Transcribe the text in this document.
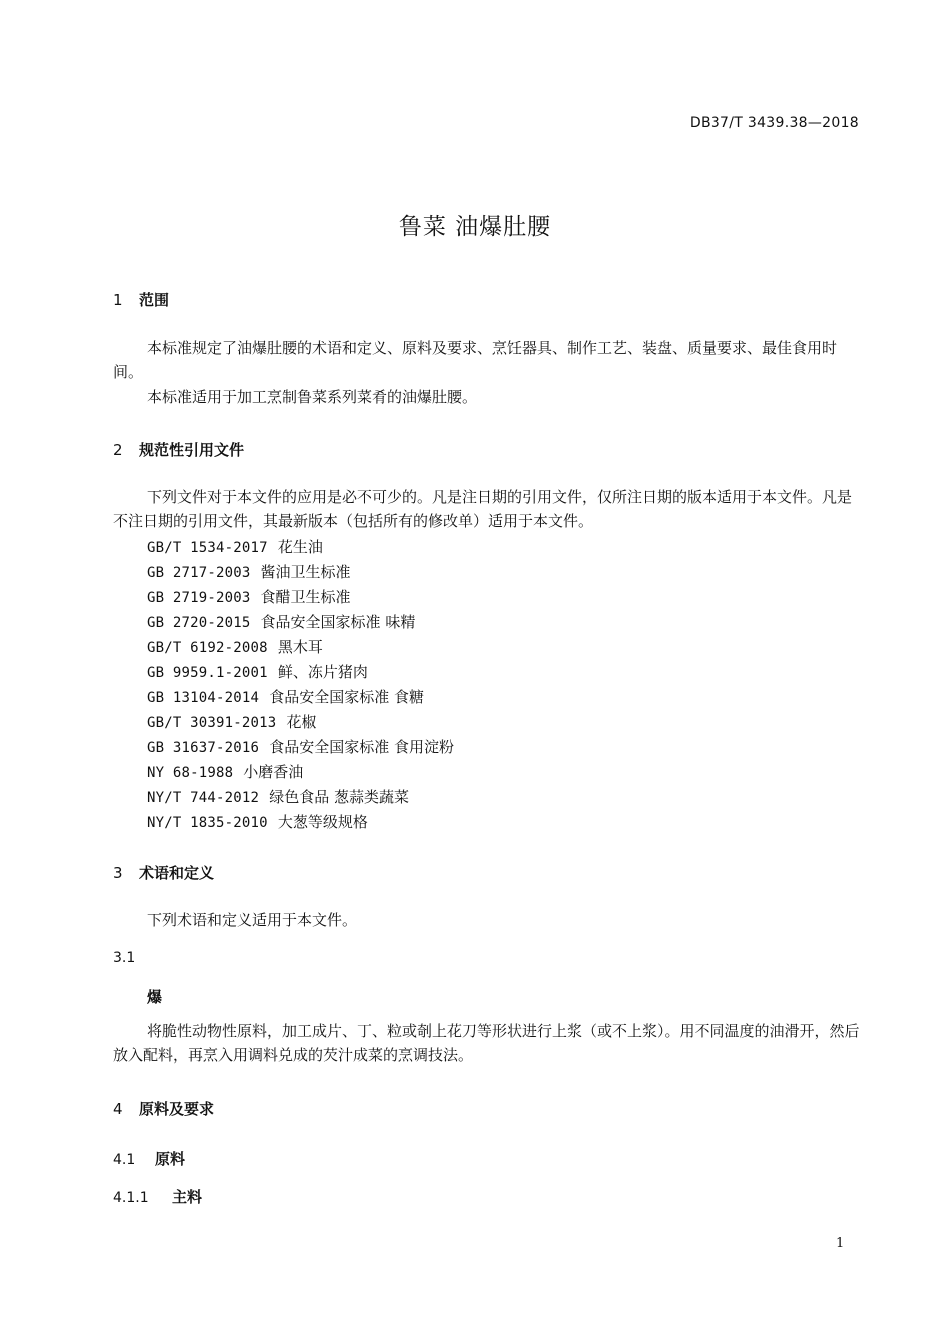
DB37/T 3439.38—2018
鲁菜 油爆肚腰
1 范围
本标准规定了油爆肚腰的术语和定义、原料及要求、烹饪器具、制作工艺、装盘、质量要求、最佳食用时间。
本标准适用于加工烹制鲁菜系列菜肴的油爆肚腰。
2 规范性引用文件
下列文件对于本文件的应用是必不可少的。凡是注日期的引用文件，仅所注日期的版本适用于本文件。凡是不注日期的引用文件，其最新版本（包括所有的修改单）适用于本文件。
GB/T 1534-2017 花生油
GB 2717-2003 酱油卫生标准
GB 2719-2003 食醋卫生标准
GB 2720-2015 食品安全国家标准 味精
GB/T 6192-2008 黑木耳
GB 9959.1-2001 鲜、冻片猪肉
GB 13104-2014 食品安全国家标准 食糖
GB/T 30391-2013 花椒
GB 31637-2016 食品安全国家标准 食用淀粉
NY 68-1988 小磨香油
NY/T 744-2012 绿色食品 葱蒜类蔬菜
NY/T 1835-2010 大葱等级规格
3 术语和定义
下列术语和定义适用于本文件。
3.1
爆
将脆性动物性原料，加工成片、丁、粒或剞上花刀等形状进行上浆（或不上浆）。用不同温度的油滑开，然后放入配料，再烹入用调料兑成的芡汁成菜的烹调技法。
4 原料及要求
4.1 原料
4.1.1 主料
1
